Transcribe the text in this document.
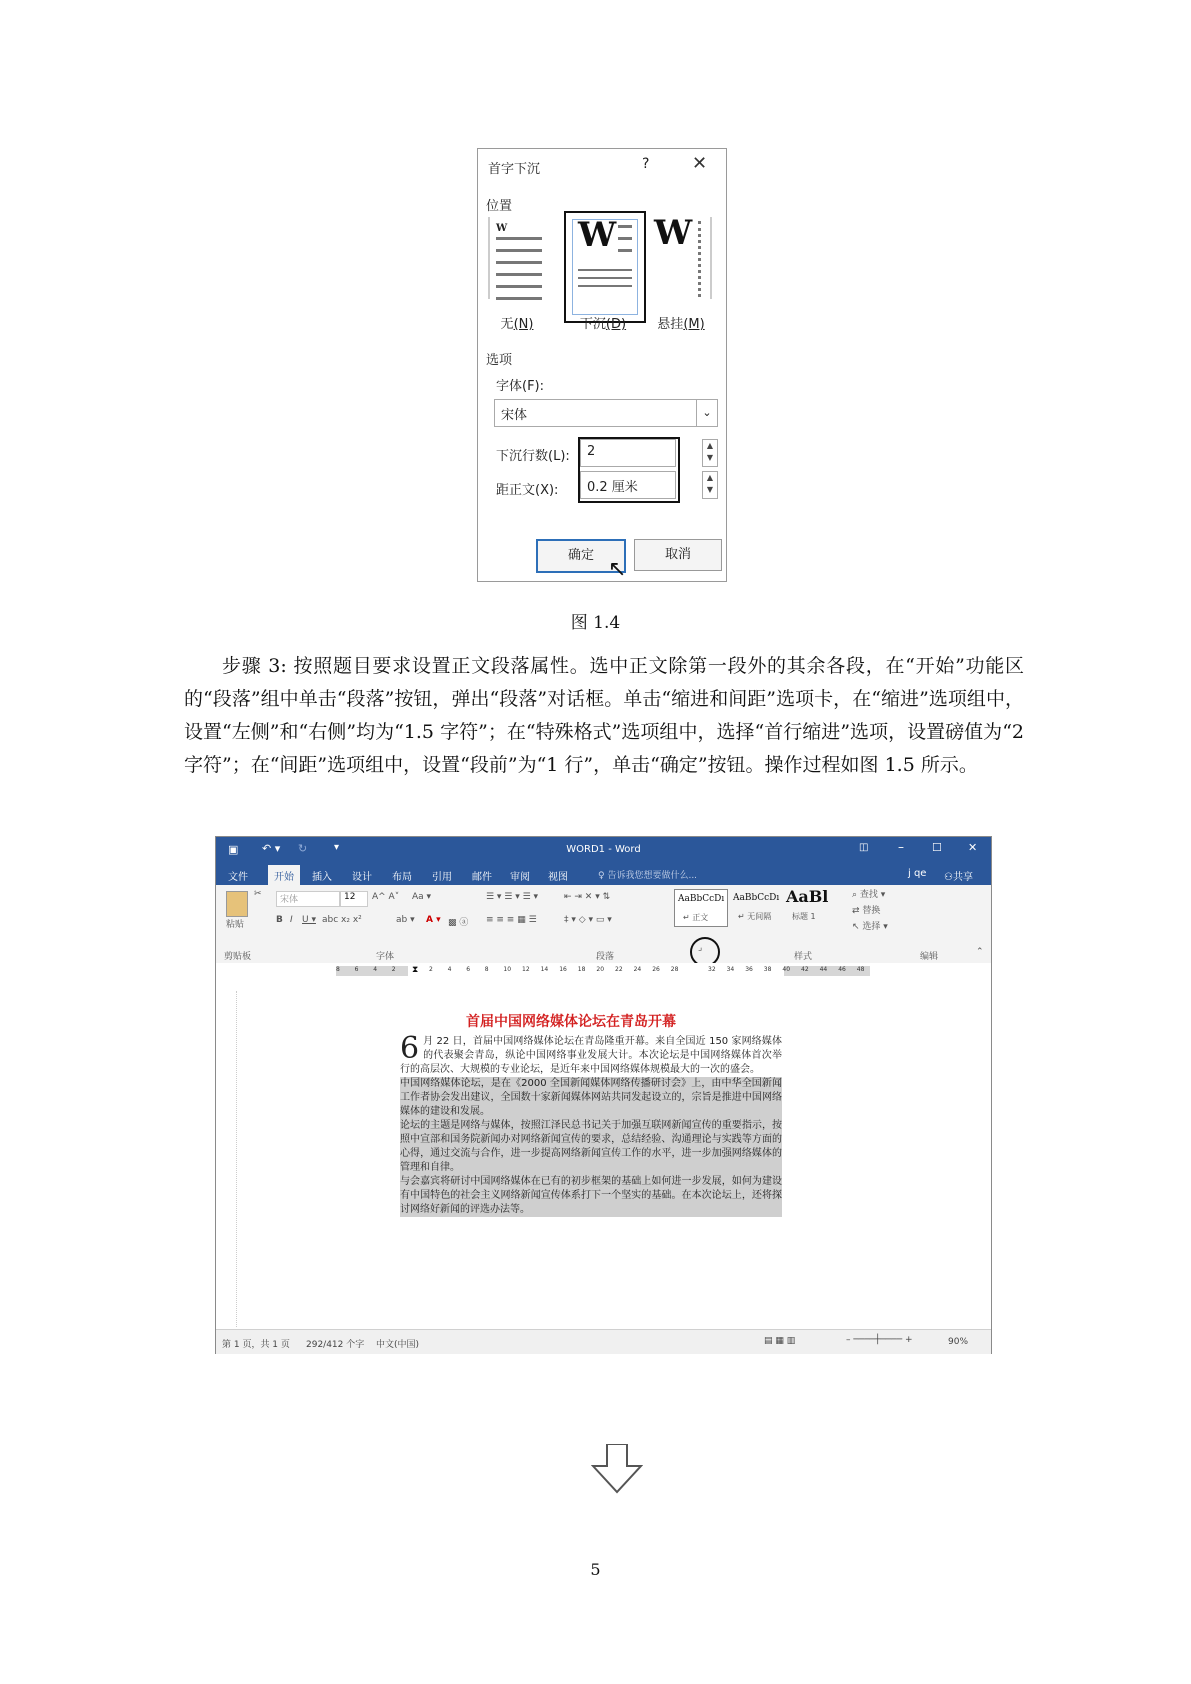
首字下沉	? ✕
位置
W
无(N)
W
下沉(D)
W
悬挂(M)
选项
字体(F):
宋体	⌄
下沉行数(L):
距正文(X):
2
0.2 厘米
▲
▼
▲
▼
确定	取消
↖
图 1.4

步骤 3: 按照题目要求设置正文段落属性。选中正文除第一段外的其余各段，在“开始”功能区的“段落”组中单击“段落”按钮，弹出“段落”对话框。单击“缩进和间距”选项卡，在“缩进”选项组中，设置“左侧”和“右侧”均为“1.5 字符”；在“特殊格式”选项组中，选择“首行缩进”选项，设置磅值为“2 字符”；在“间距”选项组中，设置“段前”为“1 行”，单击“确定”按钮。操作过程如图 1.5 所示。

▣ ↶ ▾ ↻	▾	WORD1 - Word	◫ –	☐ ✕
文件	开始	插入 设计 布局 引用 邮件 审阅 视图	♀ 告诉我您想要做什么...	j qe ⚇共享
粘贴
✂
宋体	12	A^ A˅ Aa ▾
B I U ▾ abc x₂ x²	ab ▾ A ▾ ▩ ⓐ
☰ ▾ ☰ ▾ ☰ ▾	⇤ ⇥ ✕ ▾ ⇅
≡ ≡ ≡ ▦ ☰	‡ ▾ ◇ ▾ ▭ ▾
AaBbCcDı
↵ 正文
AaBbCcDı
↵ 无间隔
AaBl
标题 1
⌕ 查找 ▾
⇄ 替换
↖ 选择 ▾
剪贴板	字体	段落	样式	编辑
⌟	⌃
8 6 4 2	2 4 6 8 10 12 14 16 18 20 22 24 26 28	32 34 36 38 40 42 44 46 48
⧗
首届中国网络媒体论坛在青岛开幕
6 月 22 日，首届中国网络媒体论坛在青岛隆重开幕。来自全国近 150 家网络媒体的代表聚会青岛，纵论中国网络事业发展大计。本次论坛是中国网络媒体首次举行的高层次、大规模的专业论坛，是近年来中国网络媒体规模最大的一次的盛会。
中国网络媒体论坛，是在《2000 全国新闻媒体网络传播研讨会》上，由中华全国新闻工作者协会发出建议，全国数十家新闻媒体网站共同发起设立的，宗旨是推进中国网络媒体的建设和发展。
论坛的主题是网络与媒体，按照江泽民总书记关于加强互联网新闻宣传的重要指示，按照中宣部和国务院新闻办对网络新闻宣传的要求，总结经验、沟通理论与实践等方面的心得，通过交流与合作，进一步提高网络新闻宣传工作的水平，进一步加强网络媒体的管理和自律。
与会嘉宾将研讨中国网络媒体在已有的初步框架的基础上如何进一步发展，如何为建设有中国特色的社会主义网络新闻宣传体系打下一个坚实的基础。在本次论坛上，还将探讨网络好新闻的评选办法等。
第 1 页，共 1 页 292/412 个字 中文(中国)	▤ ▦ ▥	– ────┼──── +	90%
5
